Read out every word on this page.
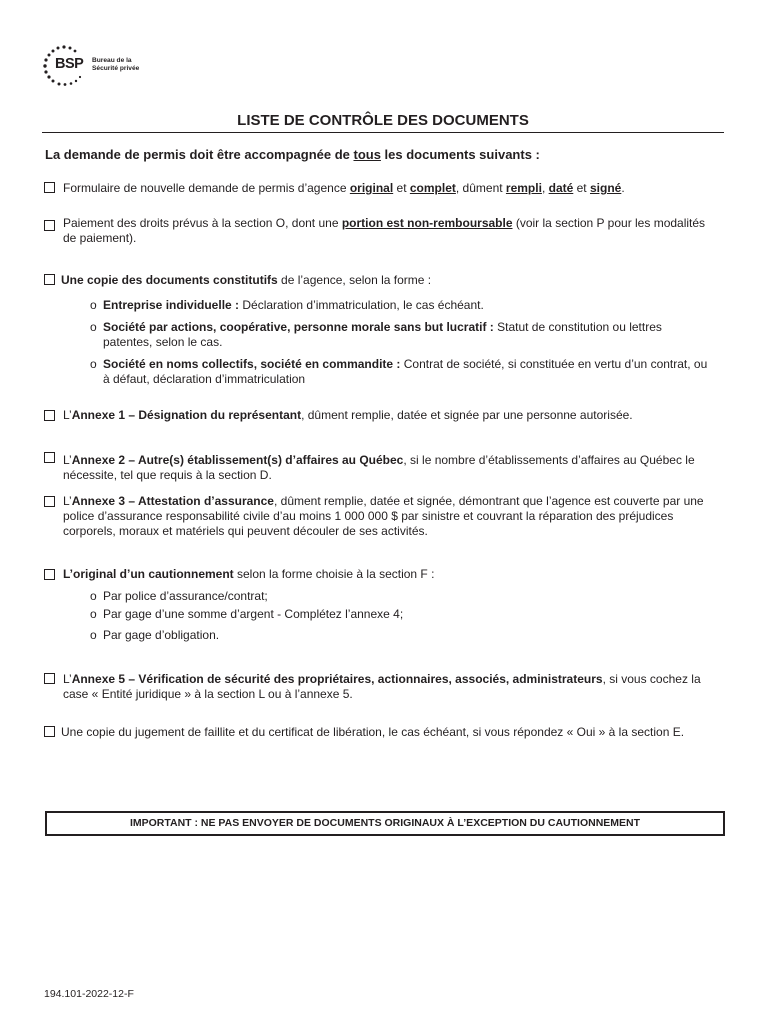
BSP Bureau de la
Sécurité privée
LISTE DE CONTRÔLE DES DOCUMENTS
La demande de permis doit être accompagnée de tous les documents suivants :
Formulaire de nouvelle demande de permis d’agence original et complet, dûment rempli, daté et signé.
Paiement des droits prévus à la section O, dont une portion est non-remboursable (voir la section P pour les modalités de paiement).
Une copie des documents constitutifs de l’agence, selon la forme :
o Entreprise individuelle : Déclaration d’immatriculation, le cas échéant.
o Société par actions, coopérative, personne morale sans but lucratif : Statut de constitution ou lettres patentes, selon le cas.
o Société en noms collectifs, société en commandite : Contrat de société, si constituée en vertu d’un contrat, ou à défaut, déclaration d’immatriculation
L’Annexe 1 – Désignation du représentant, dûment remplie, datée et signée par une personne autorisée.
L’Annexe 2 – Autre(s) établissement(s) d’affaires au Québec, si le nombre d’établissements d’affaires au Québec le nécessite, tel que requis à la section D.
L’Annexe 3 – Attestation d’assurance, dûment remplie, datée et signée, démontrant que l’agence est couverte par une police d’assurance responsabilité civile d’au moins 1 000 000 $ par sinistre et couvrant la réparation des préjudices corporels, moraux et matériels qui peuvent découler de ses activités.
L’original d’un cautionnement selon la forme choisie à la section F :
o Par police d’assurance/contrat;
o Par gage d’une somme d’argent - Complétez l’annexe 4;
o Par gage d’obligation.
L’Annexe 5 – Vérification de sécurité des propriétaires, actionnaires, associés, administrateurs, si vous cochez la case « Entité juridique » à la section L ou à l’annexe 5.
Une copie du jugement de faillite et du certificat de libération, le cas échéant, si vous répondez « Oui » à la section E.
IMPORTANT : NE PAS ENVOYER DE DOCUMENTS ORIGINAUX À L’EXCEPTION DU CAUTIONNEMENT
194.101-2022-12-F
